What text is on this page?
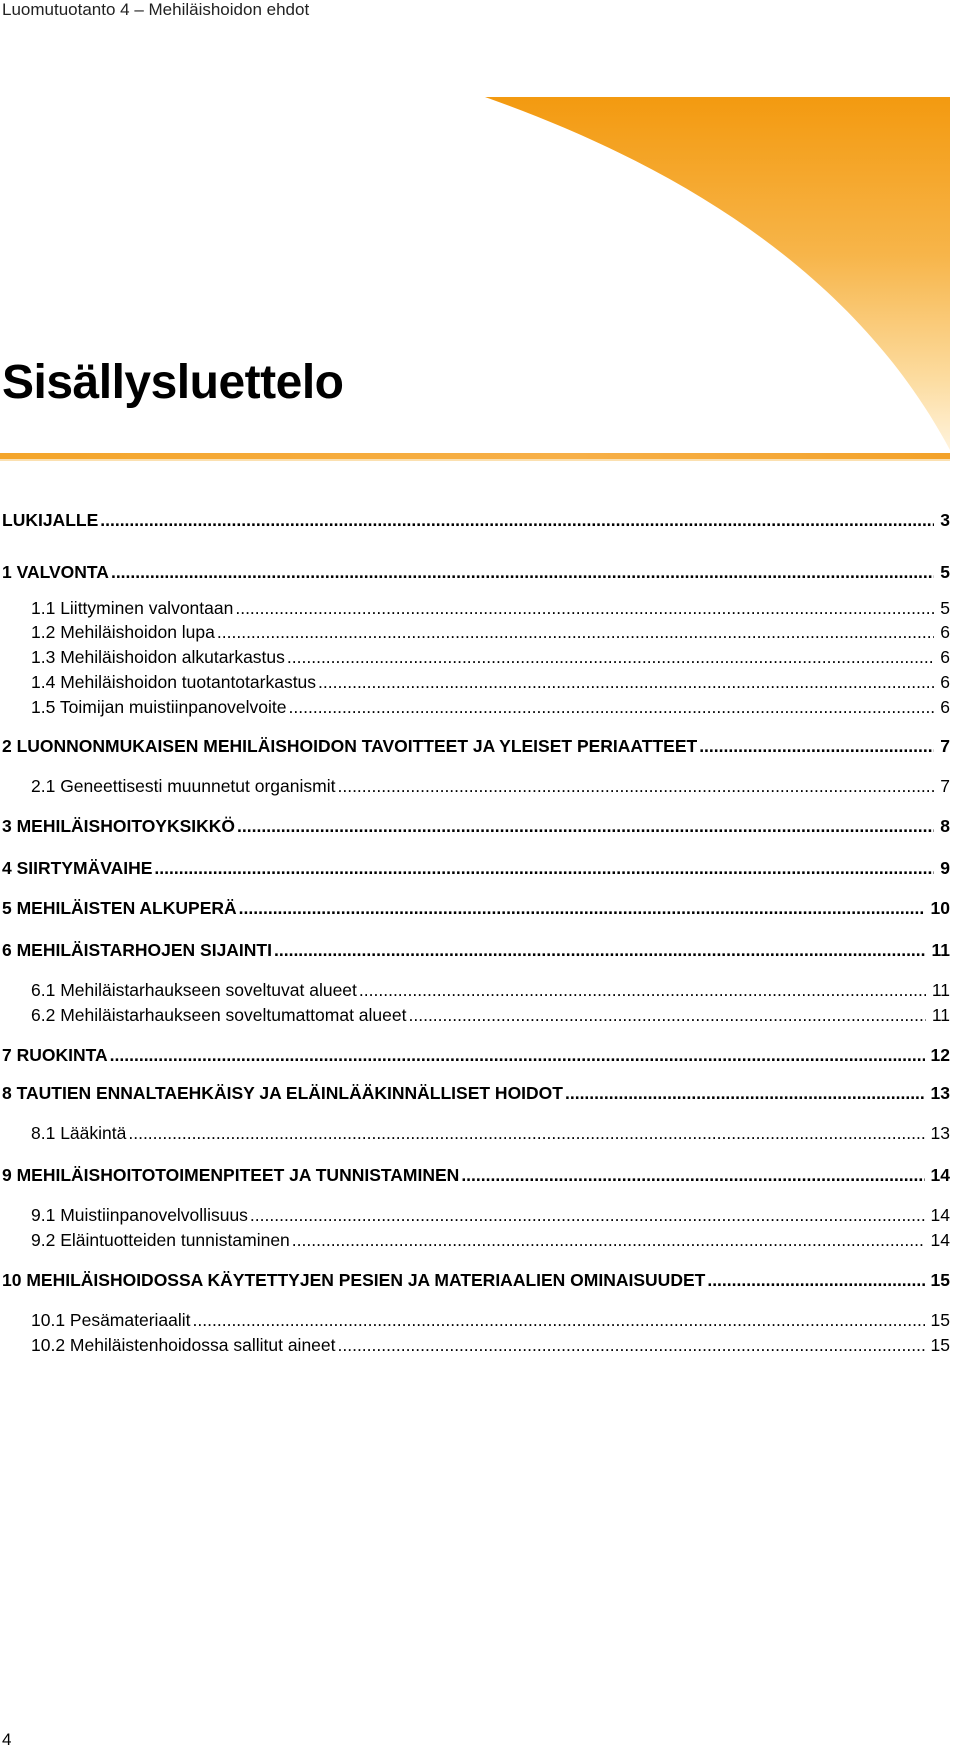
Luomutuotanto 4 – Mehiläishoidon ehdot
Sisällysluettelo
LUKIJALLE .....	3
1 VALVONTA .....	5
1.1 Liittyminen valvontaan .....	5
1.2 Mehiläishoidon lupa .....	6
1.3 Mehiläishoidon alkutarkastus .....	6
1.4 Mehiläishoidon tuotantotarkastus .....	6
1.5 Toimijan muistiinpanovelvoite .....	6
2 LUONNONMUKAISEN MEHILÄISHOIDON TAVOITTEET JA YLEISET PERIAATTEET .....	7
2.1 Geneettisesti muunnetut organismit .....	7
3 MEHILÄISHOITOYKSIKKÖ .....	8
4 SIIRTYMÄVAIHE .....	9
5 MEHILÄISTEN ALKUPERÄ .....	10
6 MEHILÄISTARHOJEN SIJAINTI .....	11
6.1 Mehiläistarhaukseen soveltuvat alueet .....	11
6.2 Mehiläistarhaukseen soveltumattomat alueet .....	11
7 RUOKINTA .....	12
8 TAUTIEN ENNALTAEHKÄISY JA ELÄINLÄÄKINNÄLLISET HOIDOT .....	13
8.1 Lääkintä .....	13
9 MEHILÄISHOITOTOIMENPITEET JA TUNNISTAMINEN .....	14
9.1 Muistiinpanovelvollisuus .....	14
9.2 Eläintuotteiden tunnistaminen .....	14
10 MEHILÄISHOIDOSSA KÄYTETTYJEN PESIEN JA MATERIAALIEN OMINAISUUDET .....	15
10.1 Pesämateriaalit .....	15
10.2 Mehiläistenhoidossa sallitut aineet .....	15
4
